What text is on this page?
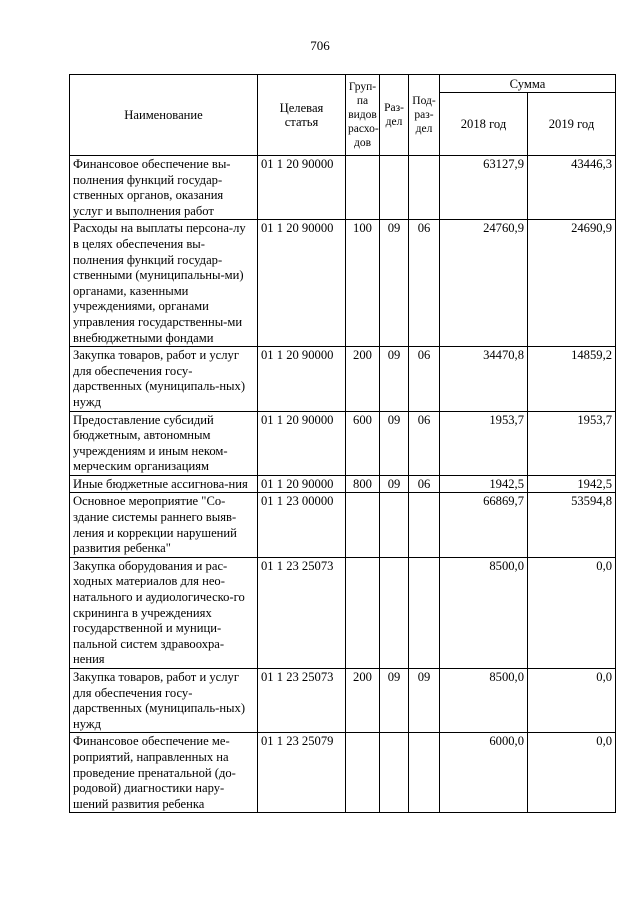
706
Наименование	Целевая статья	Груп-па видов расхо-дов	Раз-дел	Под-раз-дел	Сумма	
					2018 год	2019 год
Финансовое обеспечение вы-полнения функций государ-ственных органов, оказания услуг и выполнения работ	01 1 20 90000				63127,9	43446,3
Расходы на выплаты персона-лу в целях обеспечения вы-полнения функций государ-ственными (муниципальны-ми) органами, казенными учреждениями, органами управления государственны-ми внебюджетными фондами	01 1 20 90000	100	09	06	24760,9	24690,9
Закупка товаров, работ и услуг для обеспечения госу-дарственных (муниципаль-ных) нужд	01 1 20 90000	200	09	06	34470,8	14859,2
Предоставление субсидий бюджетным, автономным учреждениям и иным неком-мерческим организациям	01 1 20 90000	600	09	06	1953,7	1953,7
Иные бюджетные ассигнова-ния	01 1 20 90000	800	09	06	1942,5	1942,5
Основное мероприятие "Со-здание системы раннего выяв-ления и коррекции нарушений развития ребенка"	01 1 23 00000				66869,7	53594,8
Закупка оборудования и рас-ходных материалов для нео-натального и аудиологическо-го скрининга в учреждениях государственной и муници-пальной систем здравоохра-нения	01 1 23 25073				8500,0	0,0
Закупка товаров, работ и услуг для обеспечения госу-дарственных (муниципаль-ных) нужд	01 1 23 25073	200	09	09	8500,0	0,0
Финансовое обеспечение ме-роприятий, направленных на проведение пренатальной (до-родовой) диагностики нару-шений развития ребенка	01 1 23 25079				6000,0	0,0
